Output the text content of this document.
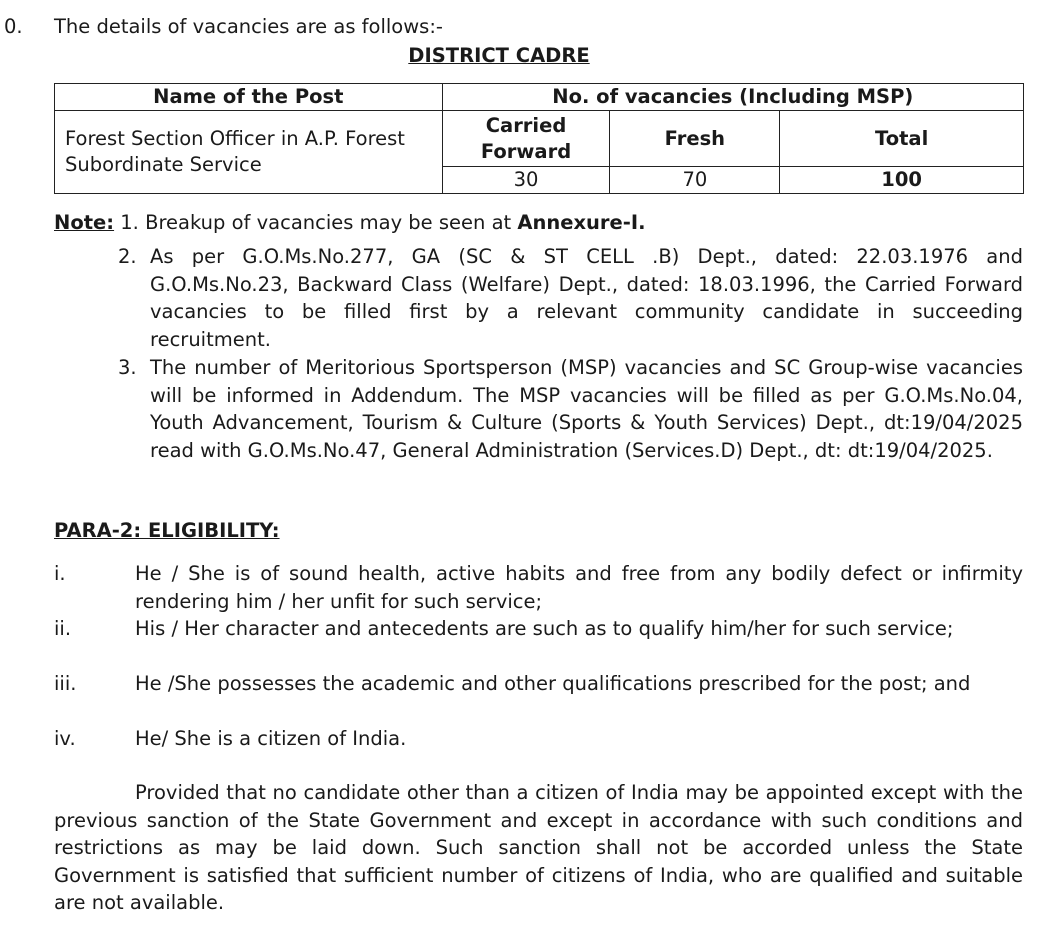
0. The details of vacancies are as follows:-
DISTRICT CADRE
Name of the Post	No. of vacancies (Including MSP)		
Forest Section Officer in A.P. Forest Subordinate Service	Carried Forward	Fresh	Total
	30	70	100
Note: 1. Breakup of vacancies may be seen at Annexure-I.
2. As per G.O.Ms.No.277, GA (SC & ST CELL .B) Dept., dated: 22.03.1976 and G.O.Ms.No.23, Backward Class (Welfare) Dept., dated: 18.03.1996, the Carried Forward vacancies to be filled first by a relevant community candidate in succeeding recruitment.
3. The number of Meritorious Sportsperson (MSP) vacancies and SC Group-wise vacancies will be informed in Addendum. The MSP vacancies will be filled as per G.O.Ms.No.04, Youth Advancement, Tourism & Culture (Sports & Youth Services) Dept., dt:19/04/2025 read with G.O.Ms.No.47, General Administration (Services.D) Dept., dt: dt:19/04/2025.
PARA-2: ELIGIBILITY:
i.	He / She is of sound health, active habits and free from any bodily defect or infirmity rendering him / her unfit for such service;
ii.	His / Her character and antecedents are such as to qualify him/her for such service;
iii.	He /She possesses the academic and other qualifications prescribed for the post; and
iv.	He/ She is a citizen of India.
Provided that no candidate other than a citizen of India may be appointed except with the previous sanction of the State Government and except in accordance with such conditions and restrictions as may be laid down. Such sanction shall not be accorded unless the State Government is satisfied that sufficient number of citizens of India, who are qualified and suitable are not available.
